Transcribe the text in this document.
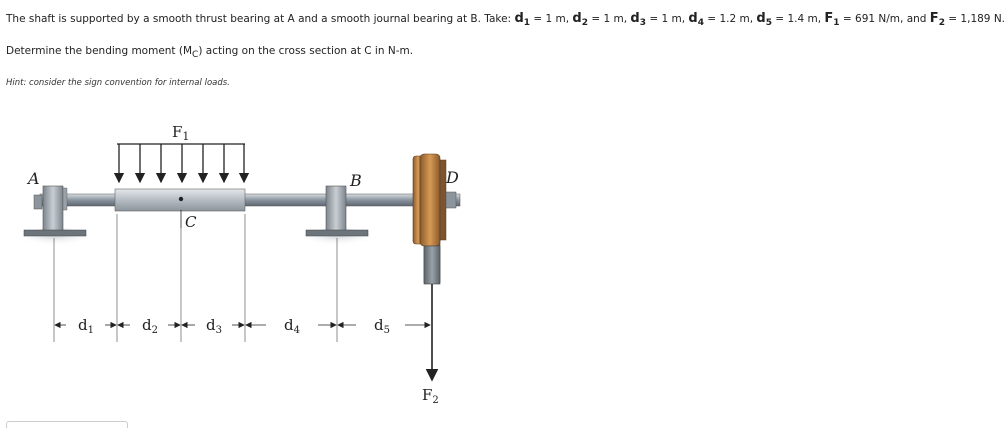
The shaft is supported by a smooth thrust bearing at A and a smooth journal bearing at B. Take: $d_1 = 1$ m, $d_2 = 1$ m, $d_3 = 1$ m, $d_4 = 1.2$ m, $d_5 = 1.4$ m, $F_1 = 691$ N/m, and $F_2 = 1,189$ N.
Determine the bending moment $(M_C)$ acting on the cross section at C in N-m.
Hint: consider the sign convention for internal loads.
$F_1$
A	B
C
D
$d_1$	$d_2$	$d_3$	$d_4$	$d_5$
$F_2$
